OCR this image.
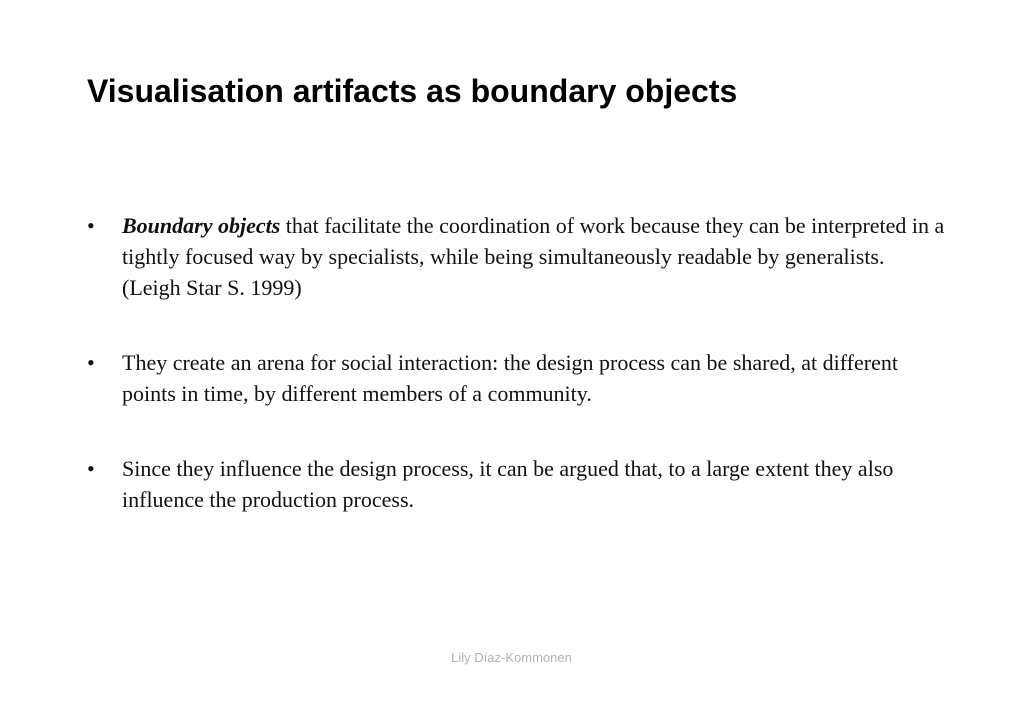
Visualisation artifacts as boundary objects
• Boundary objects that facilitate the coordination of work because they can be interpreted in a tightly focused way by specialists, while being simultaneously readable by generalists. (Leigh Star S. 1999)
• They create an arena for social interaction: the design process can be shared, at different points in time, by different members of a community.
• Since they influence the design process, it can be argued that, to a large extent they also influence the production process.
Lily Díaz-Kommonen
